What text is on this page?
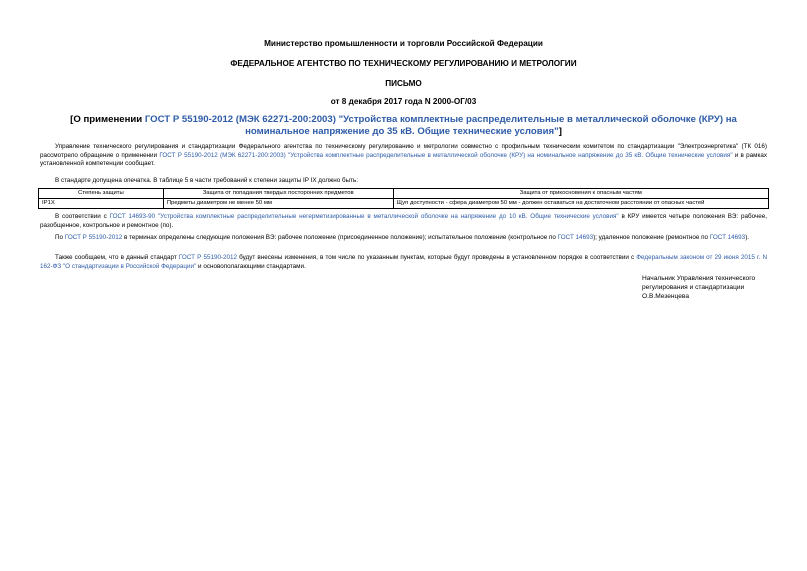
Министерство промышленности и торговли Российской Федерации
ФЕДЕРАЛЬНОЕ АГЕНТСТВО ПО ТЕХНИЧЕСКОМУ РЕГУЛИРОВАНИЮ И МЕТРОЛОГИИ
ПИСЬМО
от 8 декабря 2017 года N 2000-ОГ/03
[О применении ГОСТ Р 55190-2012 (МЭК 62271-200:2003) "Устройства комплектные распределительные в металлической оболочке (КРУ) на номинальное напряжение до 35 кВ. Общие технические условия"]
Управление технического регулирования и стандартизации Федерального агентства по техническому регулированию и метрологии совместно с профильным техническим комитетом по стандартизации "Электроэнергетика" (ТК 016) рассмотрело обращение о применении ГОСТ Р 55190-2012 (МЭК 62271-200:2003) "Устройства комплектные распределительные в металлической оболочке (КРУ) на номинальное напряжение до 35 кВ. Общие технические условия" и в рамках установленной компетенции сообщает.
В стандарте допущена опечатка. В таблице 5 в части требований к степени защиты IP IX должно быть:
Степень защиты	Защита от попадания твердых посторонних предметов	Защита от прикосновения к опасным частям
IP1X	Предметы диаметром не менее 50 мм	Щуп доступности - сфера диаметром 50 мм - должен оставаться на достаточном расстоянии от опасных частей
В соответствии с ГОСТ 14693-90 "Устройства комплектные распределительные негерметизированные в металлической оболочке на напряжение до 10 кВ. Общие технические условия" в КРУ имеется четыре положения ВЭ: рабочее, разобщенное, контрольное и ремонтное (по).
По ГОСТ Р 55190-2012 в терминах определены следующие положения ВЭ: рабочее положение (присоединенное положение); испытательное положение (контрольное по ГОСТ 14693); удаленное положение (ремонтное по ГОСТ 14693).
Также сообщаем, что в данный стандарт ГОСТ Р 55190-2012 будут внесены изменения, в том числе по указанным пунктам, которые будут проведены в установленном порядке в соответствии с Федеральным законом от 29 июня 2015 г. N 162-ФЗ "О стандартизации в Российской Федерации" и основополагающими стандартами.
Начальник Управления технического
регулирования и стандартизации
О.В.Мезенцева
